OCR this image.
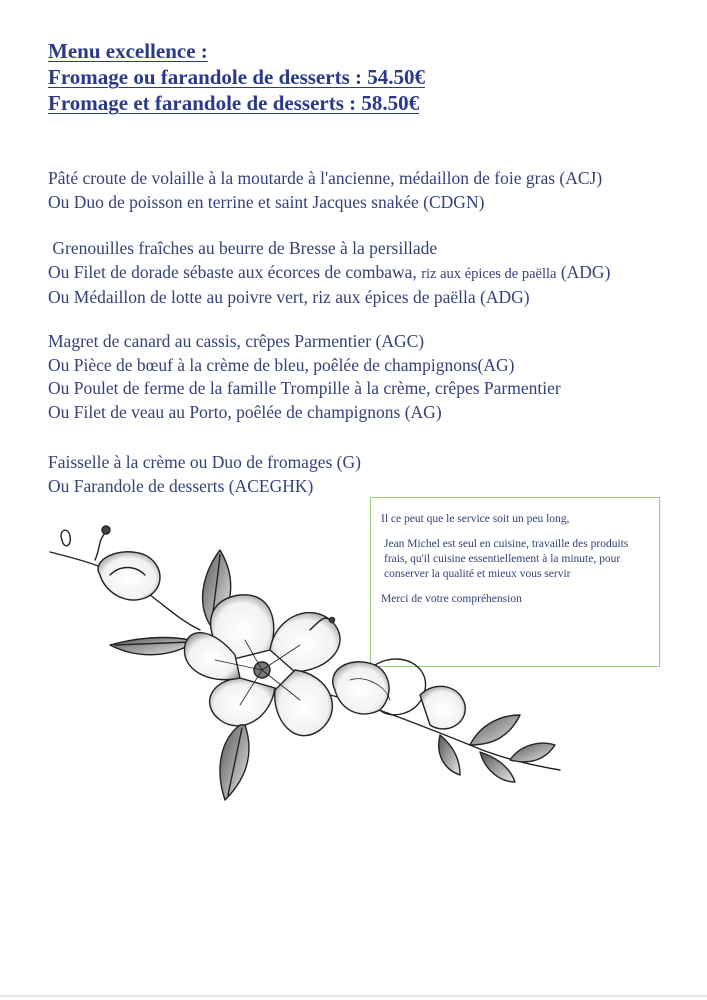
Menu excellence :
Fromage ou farandole de desserts : 54.50€
Fromage et farandole de desserts : 58.50€
Pâté croute de volaille à la moutarde à l'ancienne, médaillon de foie gras (ACJ)
Ou Duo de poisson en terrine et saint Jacques snakée (CDGN)
Grenouilles fraîches au beurre de Bresse à la persillade
Ou Filet de dorade sébaste aux écorces de combawa, riz aux épices de paëlla (ADG)
Ou Médaillon de lotte au poivre vert, riz aux épices de paëlla (ADG)
Magret de canard au cassis, crêpes Parmentier (AGC)
Ou Pièce de bœuf à la crème de bleu, poêlée de champignons(AG)
Ou Poulet de ferme de la famille Trompille à la crème, crêpes Parmentier
Ou Filet de veau au Porto, poêlée de champignons (AG)
Faisselle à la crème ou Duo de fromages (G)
Ou Farandole de desserts (ACEGHK)

Il ce peut que le service soit un peu long,

Jean Michel est seul en cuisine, travaille des produits frais, qu'il cuisine essentiellement à la minute, pour conserver la qualité et mieux vous servir

Merci de votre compréhension
